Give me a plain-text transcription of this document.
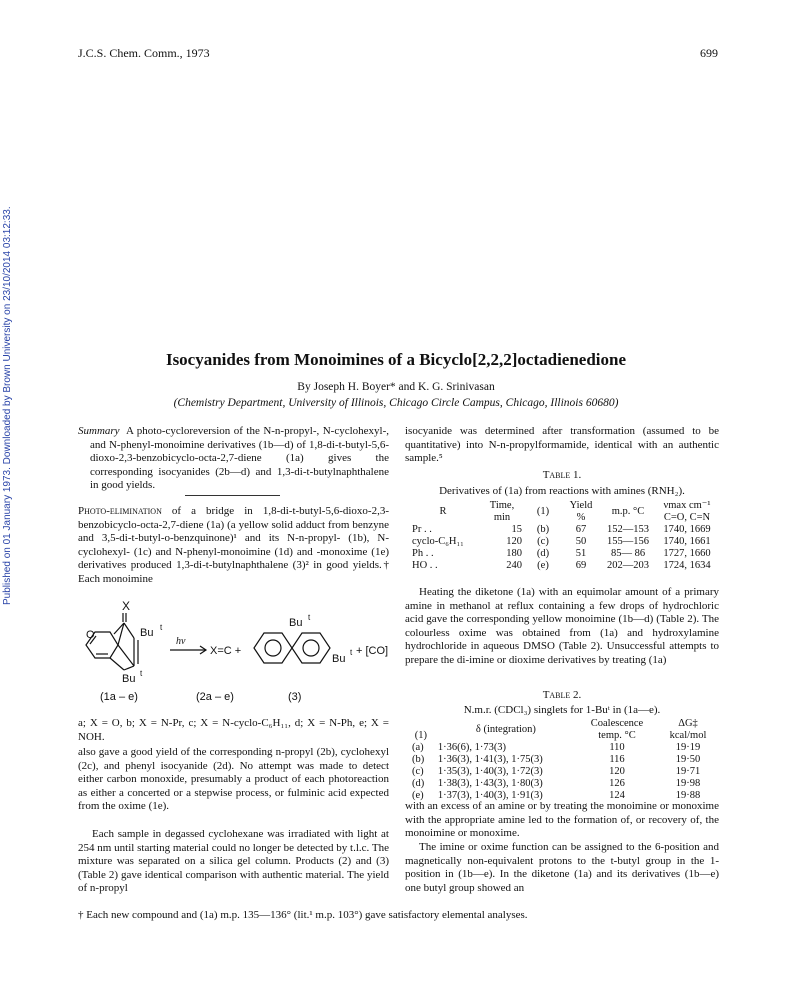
J.C.S. Chem. Comm., 1973	699
Published on 01 January 1973. Downloaded by Brown University on 23/10/2014 03:12:33.	Isocyanides from Monoimines of a Bicyclo[2,2,2]octadienedione
By Joseph H. Boyer* and K. G. Srinivasan
(Chemistry Department, University of Illinois, Chicago Circle Campus, Chicago, Illinois 60680)

Summary A photo-cycloreversion of the N-n-propyl-, N-cyclohexyl-, and N-phenyl-monoimine derivatives (1b—d) of 1,8-di-t-butyl-5,6-dioxo-2,3-benzobicyclo-octa-2,7-diene (1a) gives the corresponding isocyanides (2b—d) and 1,3-di-t-butylnaphthalene in good yields.

Photo-elimination of a bridge in 1,8-di-t-butyl-5,6-dioxo-2,3-benzobicyclo-octa-2,7-diene (1a) (a yellow solid adduct from benzyne and 3,5-di-t-butyl-o-benzquinone)¹ and its N-n-propyl- (1b), N-cyclohexyl- (1c) and N-phenyl-monoimine (1d) and -monoxime (1e) derivatives produced 1,3-di-t-butylnaphthalene (3)² in good yields.† Each monoimine

X
O	Bu t
Bu t
hν
X=C +
Bu t
Bu
t + [CO]
(1a – e)	(2a – e)	(3)

a; X = O, b; X = N-Pr, c; X = N-cyclo-C₆H₁₁, d; X = N-Ph, e; X = NOH.

also gave a good yield of the corresponding n-propyl (2b), cyclohexyl (2c), and phenyl isocyanide (2d). No attempt was made to detect either carbon monoxide, presumably a product of each photoreaction as either a concerted or a stepwise process, or fulminic acid expected from the oxime (1e).

Each sample in degassed cyclohexane was irradiated with light at 254 nm until starting material could no longer be detected by t.l.c. The mixture was separated on a silica gel column. Products (2) and (3) (Table 2) gave identical comparison with authentic material. The yield of n-propyl

isocyanide was determined after transformation (assumed to be quantitative) into N-n-propylformamide, identical with an authentic sample.⁵

Table 1.
Derivatives of (1a) from reactions with amines (RNH₂).
R	Time, min	(1)	Yield %	m.p. °C	νmax cm⁻¹ C=O, C=N
Pr . .	15	(b)	67	152—153	1740, 1669
cyclo-C₆H₁₁	120	(c)	50	155—156	1740, 1661
Ph . .	180	(d)	51	85— 86	1727, 1660
HO . .	240	(e)	69	202—203	1724, 1634

Heating the diketone (1a) with an equimolar amount of a primary amine in methanol at reflux containing a few drops of hydrochloric acid gave the corresponding yellow monoimine (1b—d) (Table 2). The colourless oxime was obtained from (1a) and hydroxylamine hydrochloride in aqueous DMSO (Table 2). Unsuccessful attempts to prepare the di-imine or dioxime derivatives by treating (1a)

Table 2.
N.m.r. (CDCl₃) singlets for 1-Buᵗ in (1a—e).
(1)	δ (integration)	Coalescence temp. °C	ΔG‡ kcal/mol
(a)	1·36(6), 1·73(3)	110	19·19
(b)	1·36(3), 1·41(3), 1·75(3)	116	19·50
(c)	1·35(3), 1·40(3), 1·72(3)	120	19·71
(d)	1·38(3), 1·43(3), 1·80(3)	126	19·98
(e)	1·37(3), 1·40(3), 1·91(3)	124	19·88

with an excess of an amine or by treating the monoimine or monoxime with the appropriate amine led to the formation of, or recovery of, the monoimine or monoxime.

The imine or oxime function can be assigned to the 6-position and magnetically non-equivalent protons to the t-butyl group in the 1-position in (1b—e). In the diketone (1a) and its derivatives (1b—e) one butyl group showed an

† Each new compound and (1a) m.p. 135—136° (lit.¹ m.p. 103°) gave satisfactory elemental analyses.
